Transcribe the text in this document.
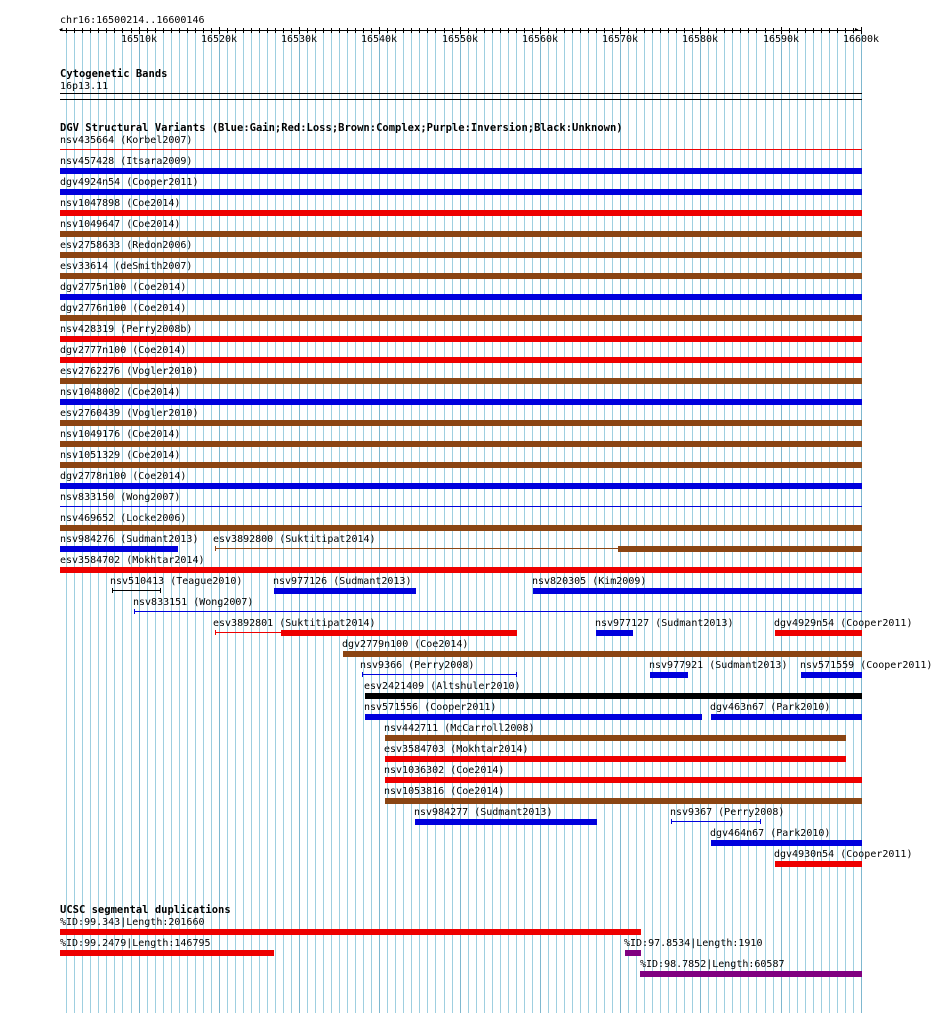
chr16:16500214..16600146
◂	▸
16510k	16520k	16530k	16540k	16550k	16560k	16570k	16580k	16590k	16600k
Cytogenetic Bands
16p13.11
DGV Structural Variants (Blue:Gain;Red:Loss;Brown:Complex;Purple:Inversion;Black:Unknown)
nsv435664 (Korbel2007)
nsv457428 (Itsara2009)
dgv4924n54 (Cooper2011)
nsv1047898 (Coe2014)
nsv1049647 (Coe2014)
esv2758633 (Redon2006)
esv33614 (deSmith2007)
dgv2775n100 (Coe2014)
dgv2776n100 (Coe2014)
nsv428319 (Perry2008b)
dgv2777n100 (Coe2014)
esv2762276 (Vogler2010)
nsv1048002 (Coe2014)
esv2760439 (Vogler2010)
nsv1049176 (Coe2014)
nsv1051329 (Coe2014)
dgv2778n100 (Coe2014)
nsv833150 (Wong2007)
nsv469652 (Locke2006)
nsv984276 (Sudmant2013) esv3892800 (Suktitipat2014)
esv3584702 (Mokhtar2014)
nsv510413 (Teague2010)	nsv977126 (Sudmant2013)	nsv820305 (Kim2009)
nsv833151 (Wong2007)
esv3892801 (Suktitipat2014)	nsv977127 (Sudmant2013)	dgv4929n54 (Cooper2011)
dgv2779n100 (Coe2014)
nsv9366 (Perry2008)	nsv977921 (Sudmant2013) nsv571559 (Cooper2011)
esv2421409 (Altshuler2010)
nsv571556 (Cooper2011)	dgv463n67 (Park2010)
nsv442711 (McCarroll2008)
esv3584703 (Mokhtar2014)
nsv1036302 (Coe2014)
nsv1053816 (Coe2014)
nsv984277 (Sudmant2013)	nsv9367 (Perry2008)
dgv464n67 (Park2010)
dgv4930n54 (Cooper2011)
UCSC segmental duplications
%ID:99.343|Length:201660
%ID:99.2479|Length:146795	%ID:97.8534|Length:1910
%ID:98.7852|Length:60587
